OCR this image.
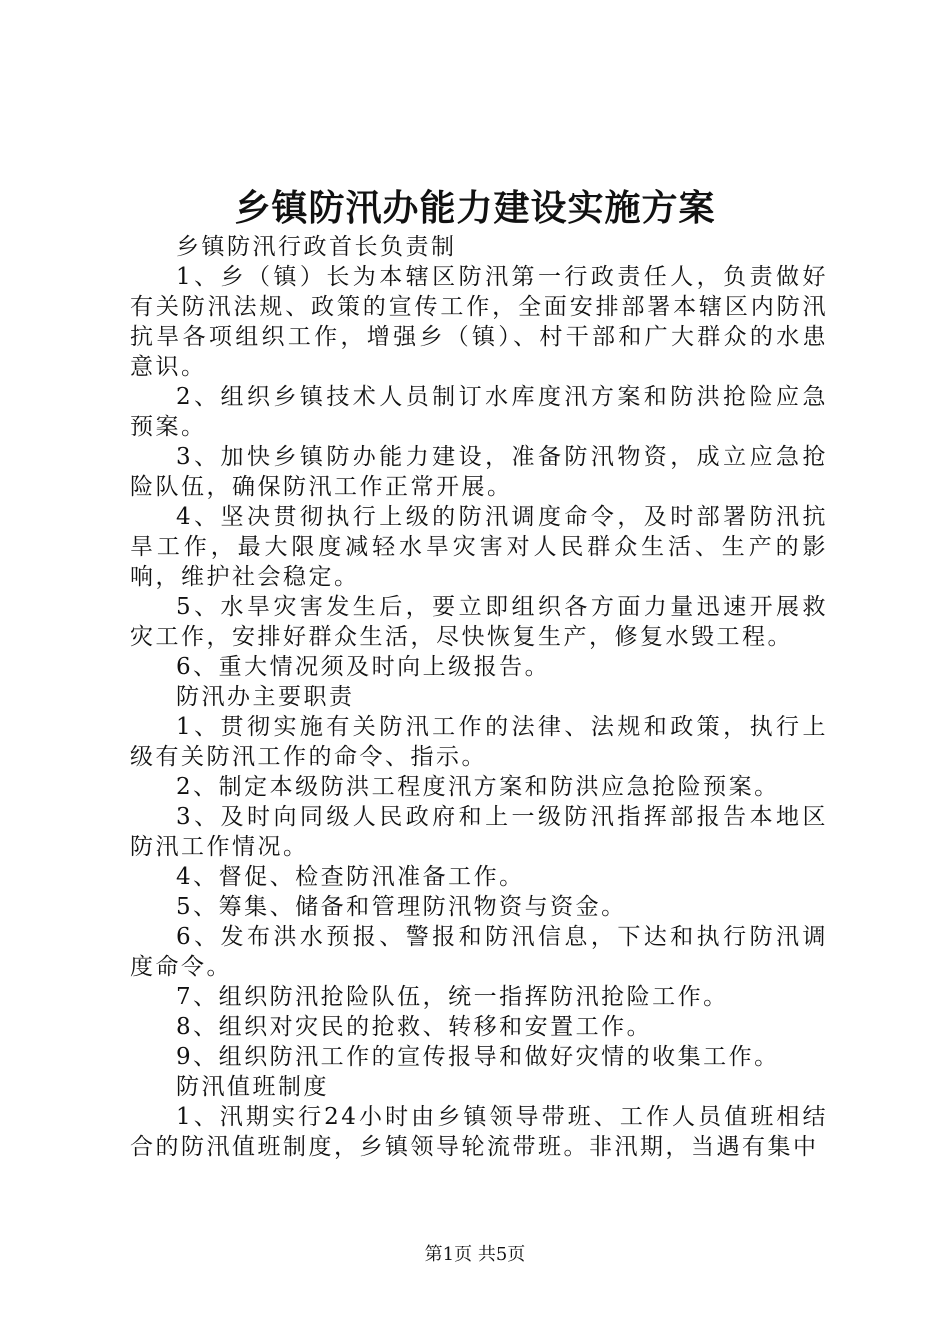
乡镇防汛办能力建设实施方案

乡镇防汛行政首长负责制

1、乡（镇）长为本辖区防汛第一行政责任人，负责做好有关防汛法规、政策的宣传工作，全面安排部署本辖区内防汛抗旱各项组织工作，增强乡（镇）、村干部和广大群众的水患意识。

2、组织乡镇技术人员制订水库度汛方案和防洪抢险应急预案。

3、加快乡镇防办能力建设，准备防汛物资，成立应急抢险队伍，确保防汛工作正常开展。

4、坚决贯彻执行上级的防汛调度命令，及时部署防汛抗旱工作，最大限度减轻水旱灾害对人民群众生活、生产的影响，维护社会稳定。

5、水旱灾害发生后，要立即组织各方面力量迅速开展救灾工作，安排好群众生活，尽快恢复生产，修复水毁工程。

6、重大情况须及时向上级报告。

防汛办主要职责

1、贯彻实施有关防汛工作的法律、法规和政策，执行上级有关防汛工作的命令、指示。

2、制定本级防洪工程度汛方案和防洪应急抢险预案。

3、及时向同级人民政府和上一级防汛指挥部报告本地区防汛工作情况。

4、督促、检查防汛准备工作。

5、筹集、储备和管理防汛物资与资金。

6、发布洪水预报、警报和防汛信息，下达和执行防汛调度命令。

7、组织防汛抢险队伍，统一指挥防汛抢险工作。

8、组织对灾民的抢救、转移和安置工作。

9、组织防汛工作的宣传报导和做好灾情的收集工作。

防汛值班制度

1、汛期实行24小时由乡镇领导带班、工作人员值班相结合的防汛值班制度，乡镇领导轮流带班。非汛期，当遇有集中

第1页 共5页
